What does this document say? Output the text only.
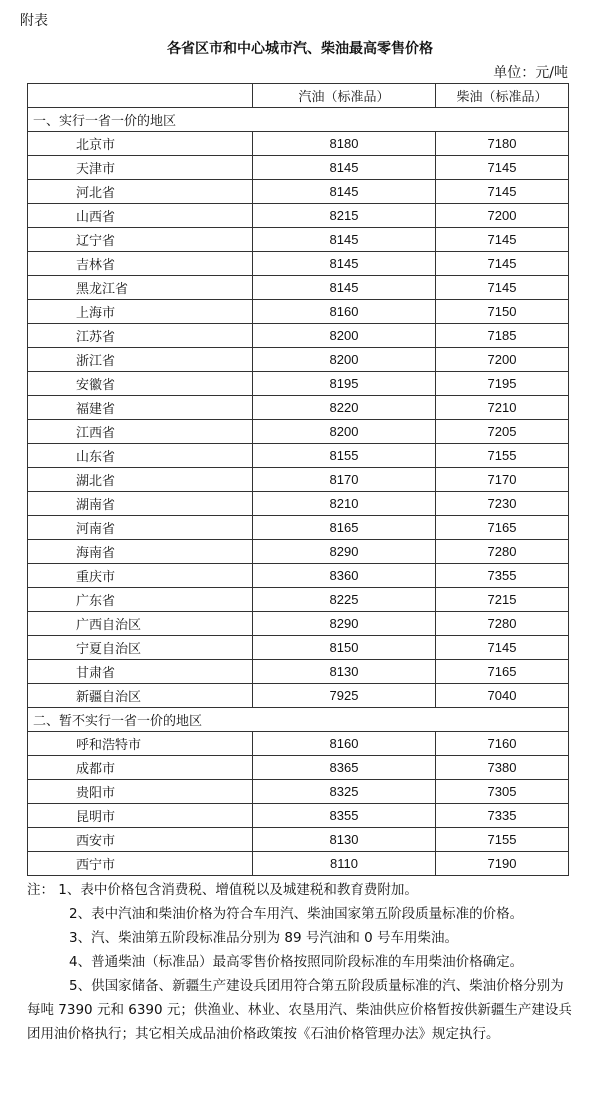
附表
各省区市和中心城市汽、柴油最高零售价格
单位：元/吨
	汽油（标准品）	柴油（标准品）
一、实行一省一价的地区		
北京市	8180	7180
天津市	8145	7145
河北省	8145	7145
山西省	8215	7200
辽宁省	8145	7145
吉林省	8145	7145
黑龙江省	8145	7145
上海市	8160	7150
江苏省	8200	7185
浙江省	8200	7200
安徽省	8195	7195
福建省	8220	7210
江西省	8200	7205
山东省	8155	7155
湖北省	8170	7170
湖南省	8210	7230
河南省	8165	7165
海南省	8290	7280
重庆市	8360	7355
广东省	8225	7215
广西自治区	8290	7280
宁夏自治区	8150	7145
甘肃省	8130	7165
新疆自治区	7925	7040
二、暂不实行一省一价的地区		
呼和浩特市	8160	7160
成都市	8365	7380
贵阳市	8325	7305
昆明市	8355	7335
西安市	8130	7155
西宁市	8110	7190

注： 1、表中价格包含消费税、增值税以及城建税和教育费附加。

2、表中汽油和柴油价格为符合车用汽、柴油国家第五阶段质量标准的价格。

3、汽、柴油第五阶段标准品分别为 89 号汽油和 0 号车用柴油。

4、普通柴油（标准品）最高零售价格按照同阶段标准的车用柴油价格确定。

5、供国家储备、新疆生产建设兵团用符合第五阶段质量标准的汽、柴油价格分别为每吨 7390 元和 6390 元；供渔业、林业、农垦用汽、柴油供应价格暂按供新疆生产建设兵团用油价格执行；其它相关成品油价格政策按《石油价格管理办法》规定执行。
